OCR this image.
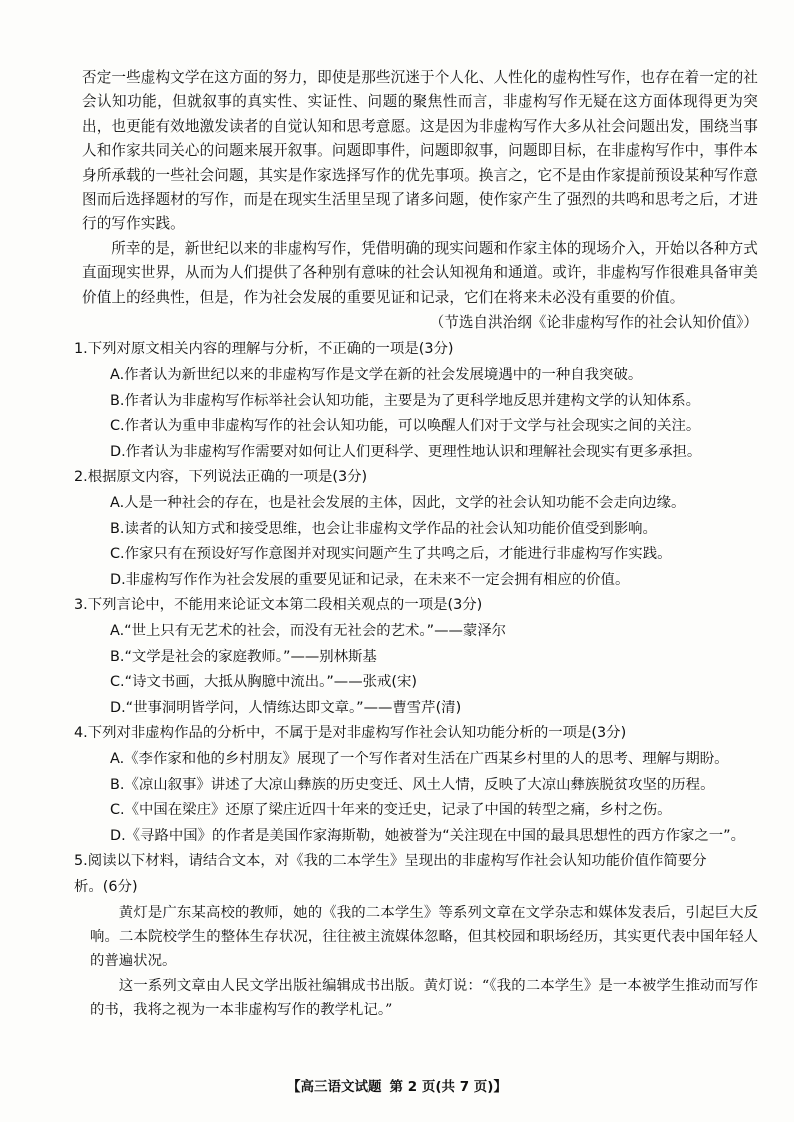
否定一些虚构文学在这方面的努力，即使是那些沉迷于个人化、人性化的虚构性写作，也存在着一定的社会认知功能，但就叙事的真实性、实证性、问题的聚焦性而言，非虚构写作无疑在这方面体现得更为突出，也更能有效地激发读者的自觉认知和思考意愿。这是因为非虚构写作大多从社会问题出发，围绕当事人和作家共同关心的问题来展开叙事。问题即事件，问题即叙事，问题即目标，在非虚构写作中，事件本身所承载的一些社会问题，其实是作家选择写作的优先事项。换言之，它不是由作家提前预设某种写作意图而后选择题材的写作，而是在现实生活里呈现了诸多问题，使作家产生了强烈的共鸣和思考之后，才进行的写作实践。

所幸的是，新世纪以来的非虚构写作，凭借明确的现实问题和作家主体的现场介入，开始以各种方式直面现实世界，从而为人们提供了各种别有意味的社会认知视角和通道。或许，非虚构写作很难具备审美价值上的经典性，但是，作为社会发展的重要见证和记录，它们在将来未必没有重要的价值。

（节选自洪治纲《论非虚构写作的社会认知价值》）

1.下列对原文相关内容的理解与分析，不正确的一项是(3分)

A.作者认为新世纪以来的非虚构写作是文学在新的社会发展境遇中的一种自我突破。

B.作者认为非虚构写作标举社会认知功能，主要是为了更科学地反思并建构文学的认知体系。

C.作者认为重申非虚构写作的社会认知功能，可以唤醒人们对于文学与社会现实之间的关注。

D.作者认为非虚构写作需要对如何让人们更科学、更理性地认识和理解社会现实有更多承担。

2.根据原文内容，下列说法正确的一项是(3分)

A.人是一种社会的存在，也是社会发展的主体，因此，文学的社会认知功能不会走向边缘。

B.读者的认知方式和接受思维，也会让非虚构文学作品的社会认知功能价值受到影响。

C.作家只有在预设好写作意图并对现实问题产生了共鸣之后，才能进行非虚构写作实践。

D.非虚构写作作为社会发展的重要见证和记录，在未来不一定会拥有相应的价值。

3.下列言论中，不能用来论证文本第二段相关观点的一项是(3分)

A.“世上只有无艺术的社会，而没有无社会的艺术。”——蒙泽尔

B.“文学是社会的家庭教师。”——别林斯基

C.“诗文书画，大抵从胸臆中流出。”——张戒(宋)

D.“世事洞明皆学问，人情练达即文章。”——曹雪芹(清)

4.下列对非虚构作品的分析中，不属于是对非虚构写作社会认知功能分析的一项是(3分)

A.《李作家和他的乡村朋友》展现了一个写作者对生活在广西某乡村里的人的思考、理解与期盼。

B.《凉山叙事》讲述了大凉山彝族的历史变迁、风土人情，反映了大凉山彝族脱贫攻坚的历程。

C.《中国在梁庄》还原了梁庄近四十年来的变迁史，记录了中国的转型之痛，乡村之伤。

D.《寻路中国》的作者是美国作家海斯勒，她被誉为“关注现在中国的最具思想性的西方作家之一”。

5.阅读以下材料，请结合文本，对《我的二本学生》呈现出的非虚构写作社会认知功能价值作简要分

析。(6分)

黄灯是广东某高校的教师，她的《我的二本学生》等系列文章在文学杂志和媒体发表后，引起巨大反响。二本院校学生的整体生存状况，往往被主流媒体忽略，但其校园和职场经历，其实更代表中国年轻人的普遍状况。

这一系列文章由人民文学出版社编辑成书出版。黄灯说：“《我的二本学生》是一本被学生推动而写作的书，我将之视为一本非虚构写作的教学札记。”

【高三语文试题 第 2 页(共 7 页)】
